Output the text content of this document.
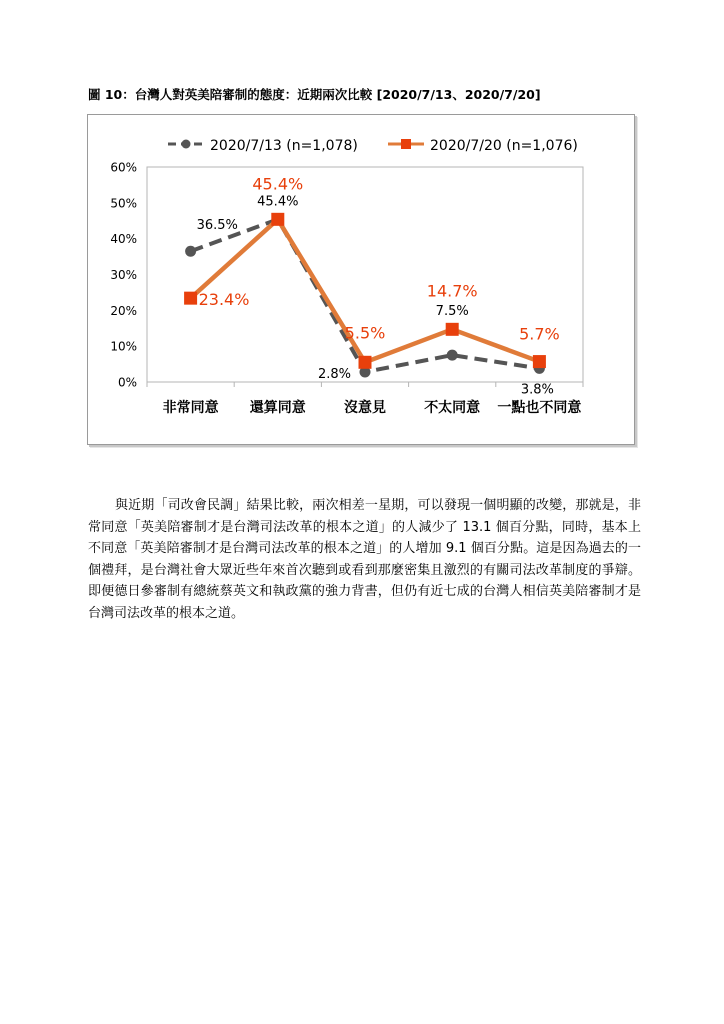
圖 10：台灣人對英美陪審制的態度：近期兩次比較 [2020/7/13、2020/7/20]
2020/7/13 (n=1,078)	2020/7/20 (n=1,076)
0%
10%
20%
30%
40%
50%
60%
非常同意 還算同意	沒意見	不太同意 一點也不同意
36.5%
45.4%
2.8%
7.5%
3.8%
23.4%
45.4%
5.5%
14.7%
5.7%

與近期「司改會民調」結果比較，兩次相差一星期，可以發現一個明顯的改變，那就是，非常同意「英美陪審制才是台灣司法改革的根本之道」的人減少了 13.1 個百分點，同時，基本上不同意「英美陪審制才是台灣司法改革的根本之道」的人增加 9.1 個百分點。這是因為過去的一個禮拜，是台灣社會大眾近些年來首次聽到或看到那麼密集且激烈的有關司法改革制度的爭辯。即便德日參審制有總統蔡英文和執政黨的強力背書，但仍有近七成的台灣人相信英美陪審制才是台灣司法改革的根本之道。
